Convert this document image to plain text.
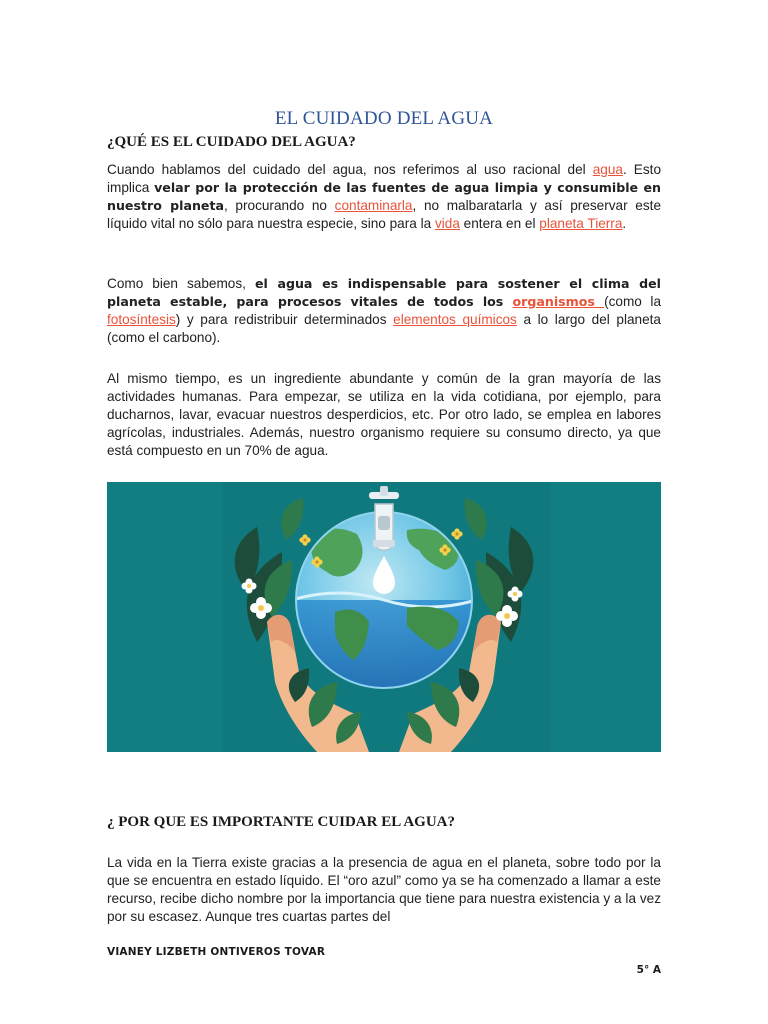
EL CUIDADO DEL AGUA
¿QUÉ ES EL CUIDADO DEL AGUA?

Cuando hablamos del cuidado del agua, nos referimos al uso racional del agua. Esto implica velar por la protección de las fuentes de agua limpia y consumible en nuestro planeta, procurando no contaminarla, no malbaratarla y así preservar este líquido vital no sólo para nuestra especie, sino para la vida entera en el planeta Tierra.

Como bien sabemos, el agua es indispensable para sostener el clima del planeta estable, para procesos vitales de todos los organismos (como la fotosíntesis) y para redistribuir determinados elementos químicos a lo largo del planeta (como el carbono).

Al mismo tiempo, es un ingrediente abundante y común de la gran mayoría de las actividades humanas. Para empezar, se utiliza en la vida cotidiana, por ejemplo, para ducharnos, lavar, evacuar nuestros desperdicios, etc. Por otro lado, se emplea en labores agrícolas, industriales. Además, nuestro organismo requiere su consumo directo, ya que está compuesto en un 70% de agua.

¿ POR QUE ES IMPORTANTE CUIDAR EL AGUA?

La vida en la Tierra existe gracias a la presencia de agua en el planeta, sobre todo por la que se encuentra en estado líquido. El “oro azul” como ya se ha comenzado a llamar a este recurso, recibe dicho nombre por la importancia que tiene para nuestra existencia y a la vez por su escasez. Aunque tres cuartas partes del

VIANEY LIZBETH ONTIVEROS TOVAR

5° A
